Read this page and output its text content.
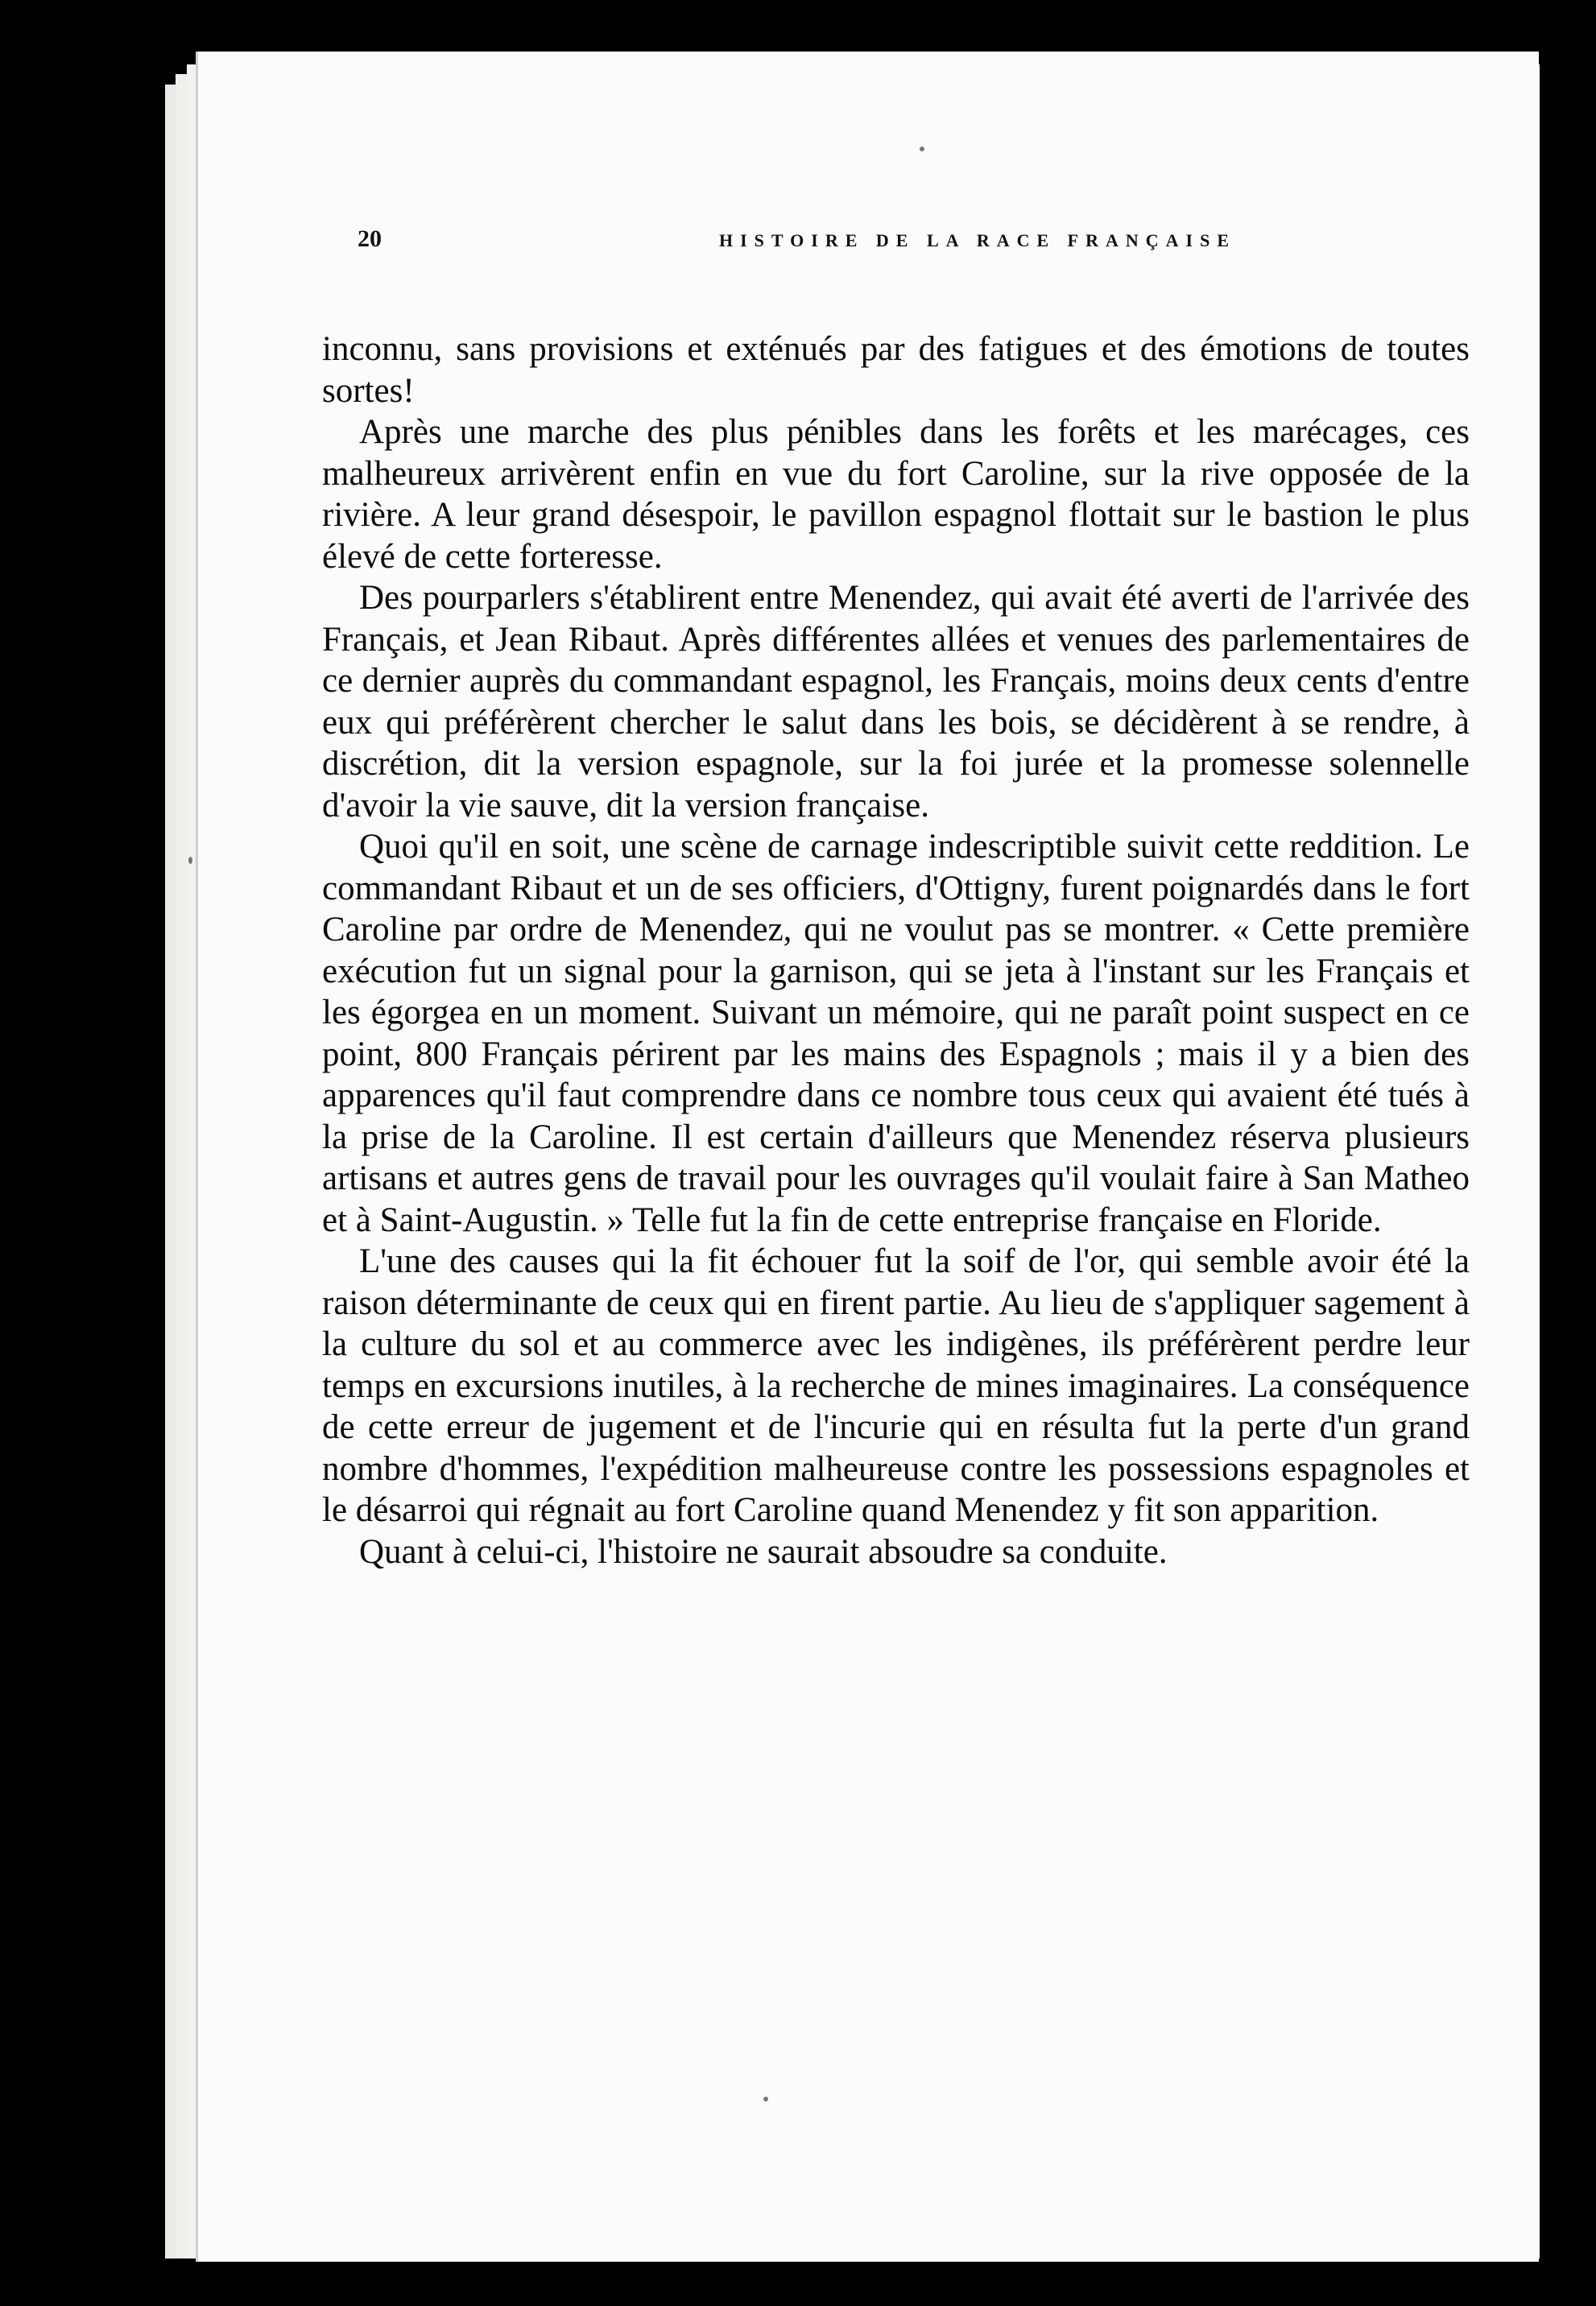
20	HISTOIRE DE LA RACE FRANÇAISE

inconnu, sans provisions et exténués par des fatigues et des émotions de toutes sortes!

Après une marche des plus pénibles dans les forêts et les marécages, ces malheureux arrivèrent enfin en vue du fort Caroline, sur la rive opposée de la rivière. A leur grand désespoir, le pavillon espagnol flottait sur le bastion le plus élevé de cette forteresse.

Des pourparlers s'établirent entre Menendez, qui avait été averti de l'arrivée des Français, et Jean Ribaut. Après différentes allées et venues des parlementaires de ce dernier auprès du commandant espagnol, les Français, moins deux cents d'entre eux qui préférèrent chercher le salut dans les bois, se décidèrent à se rendre, à discrétion, dit la version espagnole, sur la foi jurée et la promesse solennelle d'avoir la vie sauve, dit la version française.

Quoi qu'il en soit, une scène de carnage indescriptible suivit cette reddition. Le commandant Ribaut et un de ses officiers, d'Ottigny, furent poignardés dans le fort Caroline par ordre de Menendez, qui ne voulut pas se montrer. « Cette première exécution fut un signal pour la garnison, qui se jeta à l'instant sur les Français et les égorgea en un moment. Suivant un mémoire, qui ne paraît point suspect en ce point, 800 Français périrent par les mains des Espagnols ; mais il y a bien des apparences qu'il faut comprendre dans ce nombre tous ceux qui avaient été tués à la prise de la Caroline. Il est certain d'ailleurs que Menendez réserva plusieurs artisans et autres gens de travail pour les ouvrages qu'il voulait faire à San Matheo et à Saint-Augustin. » Telle fut la fin de cette entreprise française en Floride.

L'une des causes qui la fit échouer fut la soif de l'or, qui semble avoir été la raison déterminante de ceux qui en firent partie. Au lieu de s'appliquer sagement à la culture du sol et au commerce avec les indigènes, ils préférèrent perdre leur temps en excursions inutiles, à la recherche de mines imaginaires. La conséquence de cette erreur de jugement et de l'incurie qui en résulta fut la perte d'un grand nombre d'hommes, l'expédition malheureuse contre les possessions espagnoles et le désarroi qui régnait au fort Caroline quand Menendez y fit son apparition.

Quant à celui-ci, l'histoire ne saurait absoudre sa conduite.
